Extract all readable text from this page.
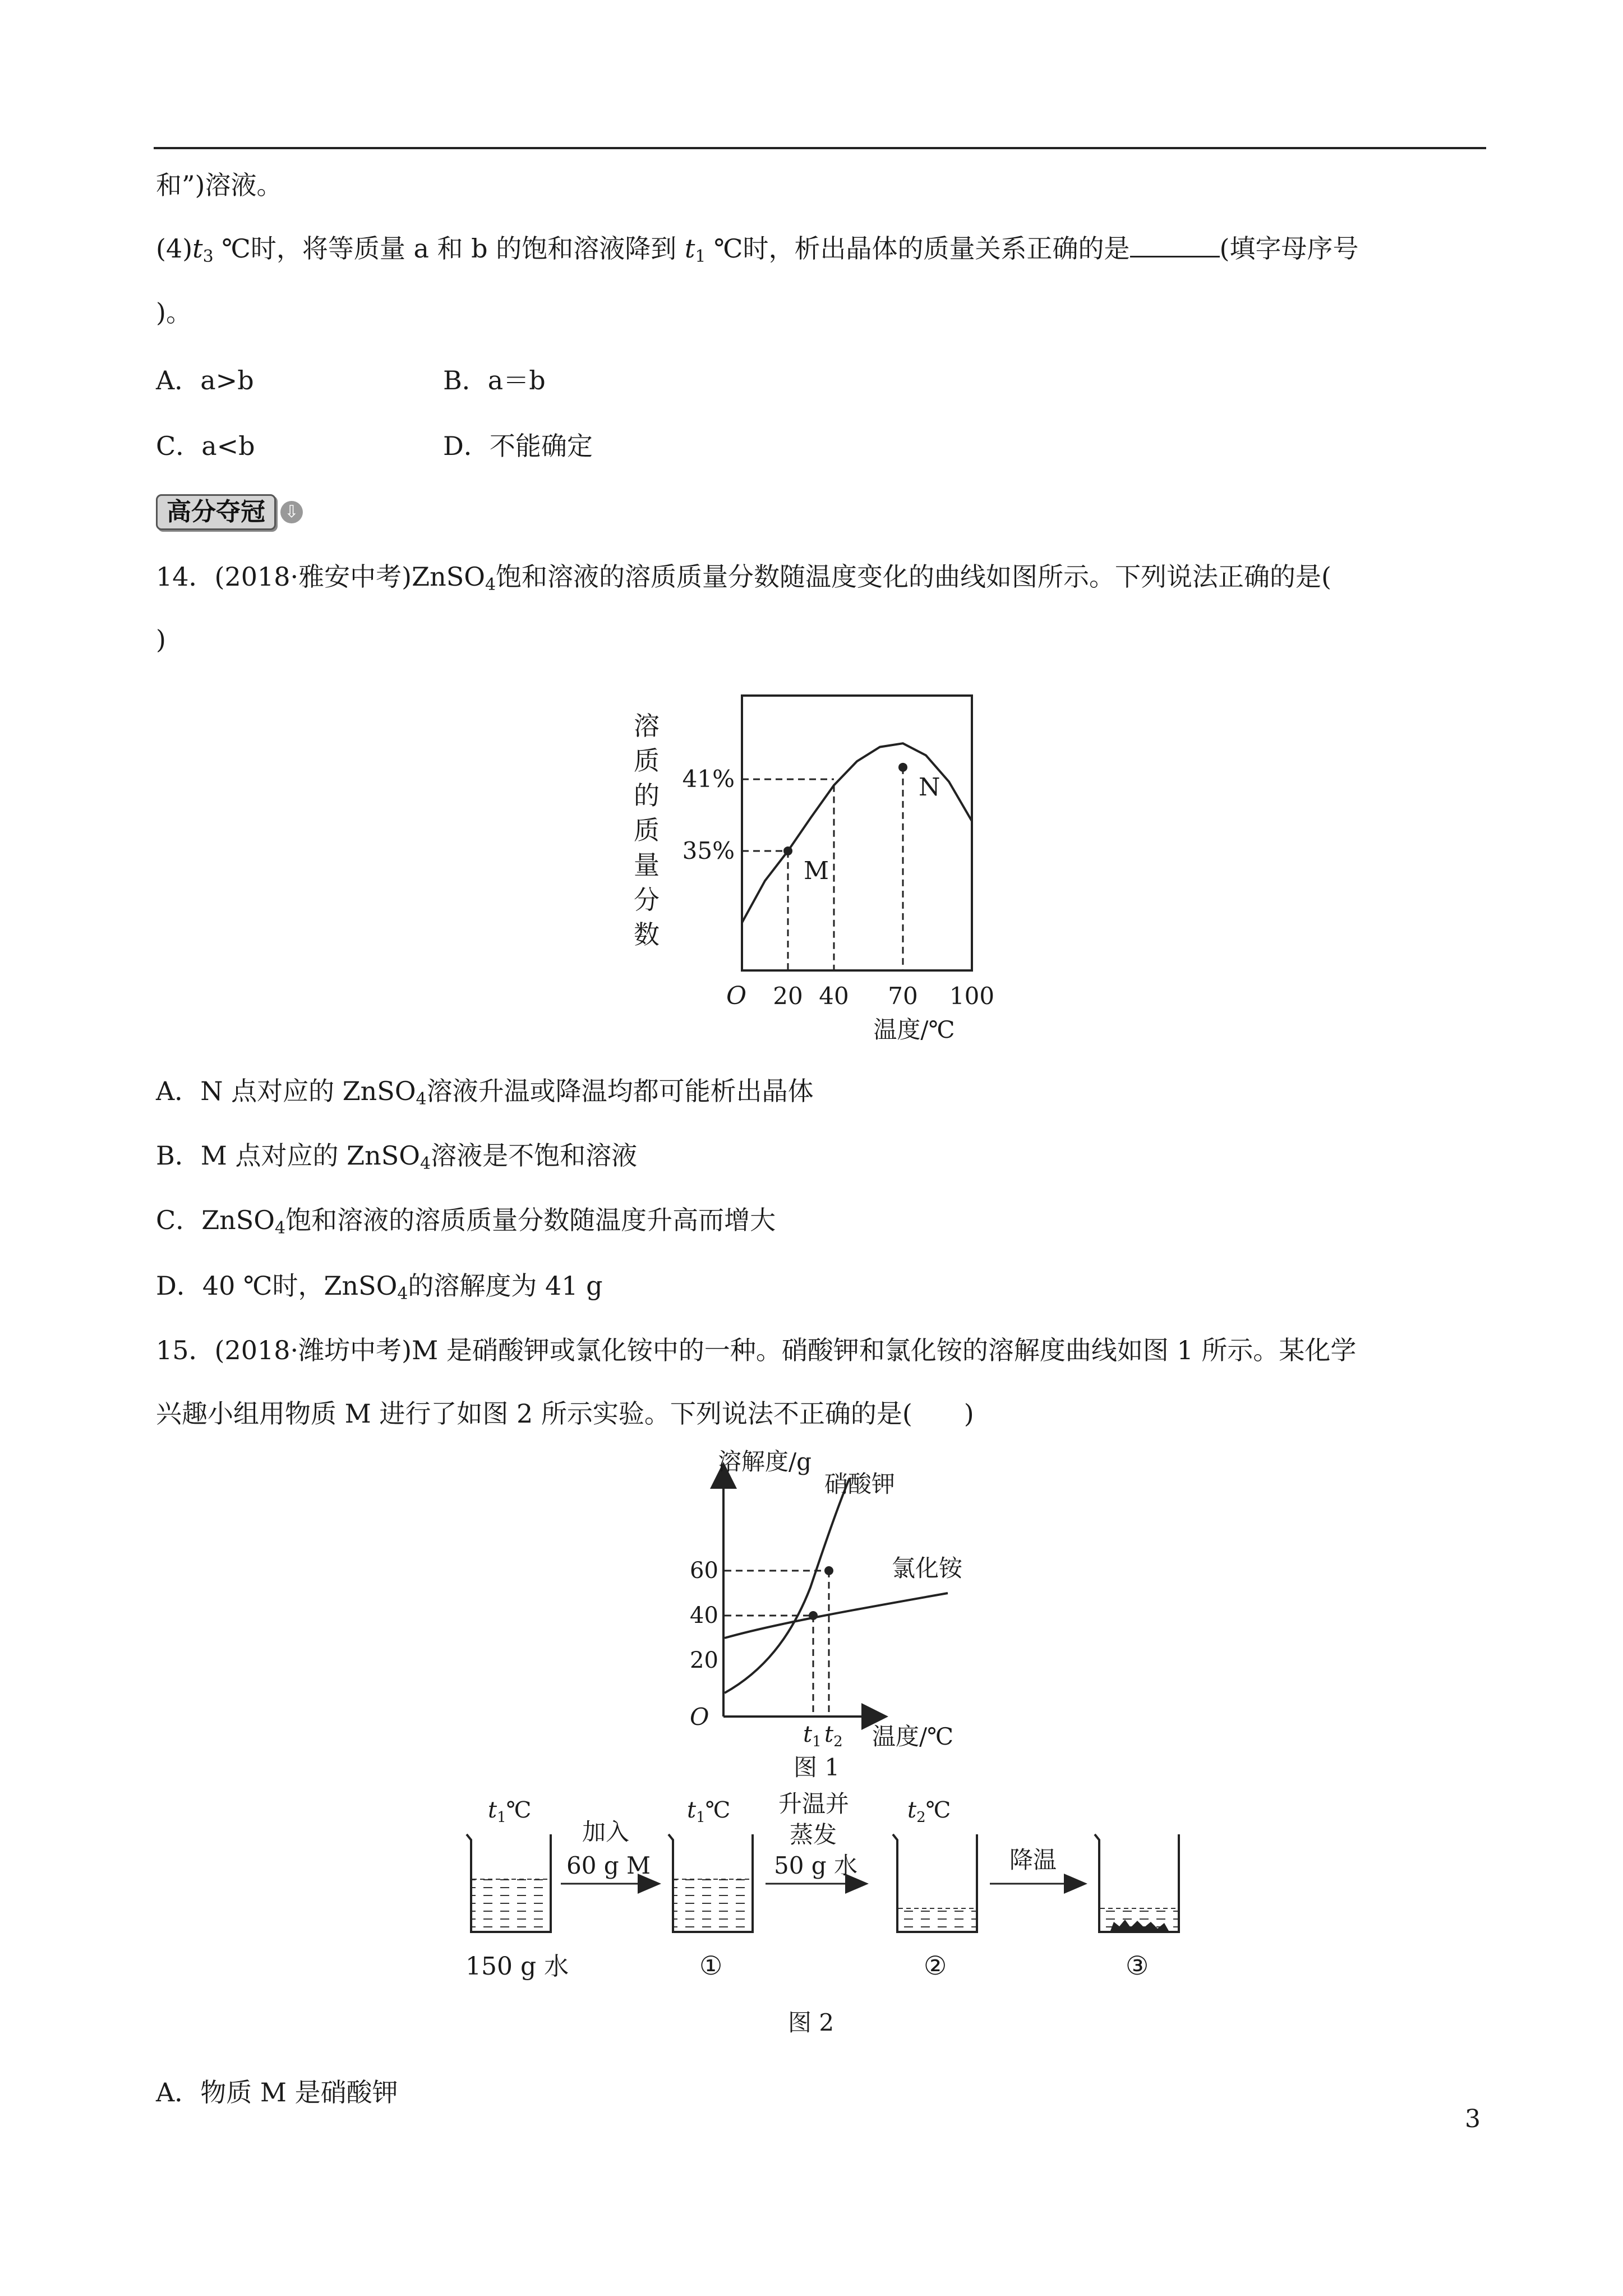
和”)溶液。
$(4)t_3$ ℃时，将等质量 a 和 b 的饱和溶液降到 $t_1$ ℃时，析出晶体的质量关系正确的是	(填字母序号
)。
A．a>b	B．a＝b
C．a<b	D．不能确定
高分夺冠	⇩
14．(2018·雅安中考)ZnSO$_4$饱和溶液的溶质质量分数随温度变化的曲线如图所示。下列说法正确的是(
)
溶
质
的
质
量
分
数
O 20 40 70 100
35%
41%
M
N
温度/℃
A．N 点对应的 ZnSO$_4$溶液升温或降温均都可能析出晶体
B．M 点对应的 ZnSO$_4$溶液是不饱和溶液
C．ZnSO$_4$饱和溶液的溶质质量分数随温度升高而增大
D．40 ℃时，ZnSO$_4$的溶解度为 41 g
15．(2018·潍坊中考)M 是硝酸钾或氯化铵中的一种。硝酸钾和氯化铵的溶解度曲线如图 1 所示。某化学
兴趣小组用物质 M 进行了如图 2 所示实验。下列说法不正确的是(　　)
溶解度/g
O
20
40
60
硝酸钾
氯化铵
$t_1$ $t_2$ 温度/℃
图 1
$t_1℃$
150 g 水
加入
60 g M
$t_1℃$
①
升温并
蒸发
50 g 水
$t_2℃$
②
降温
③
图 2
A．物质 M 是硝酸钾
3
